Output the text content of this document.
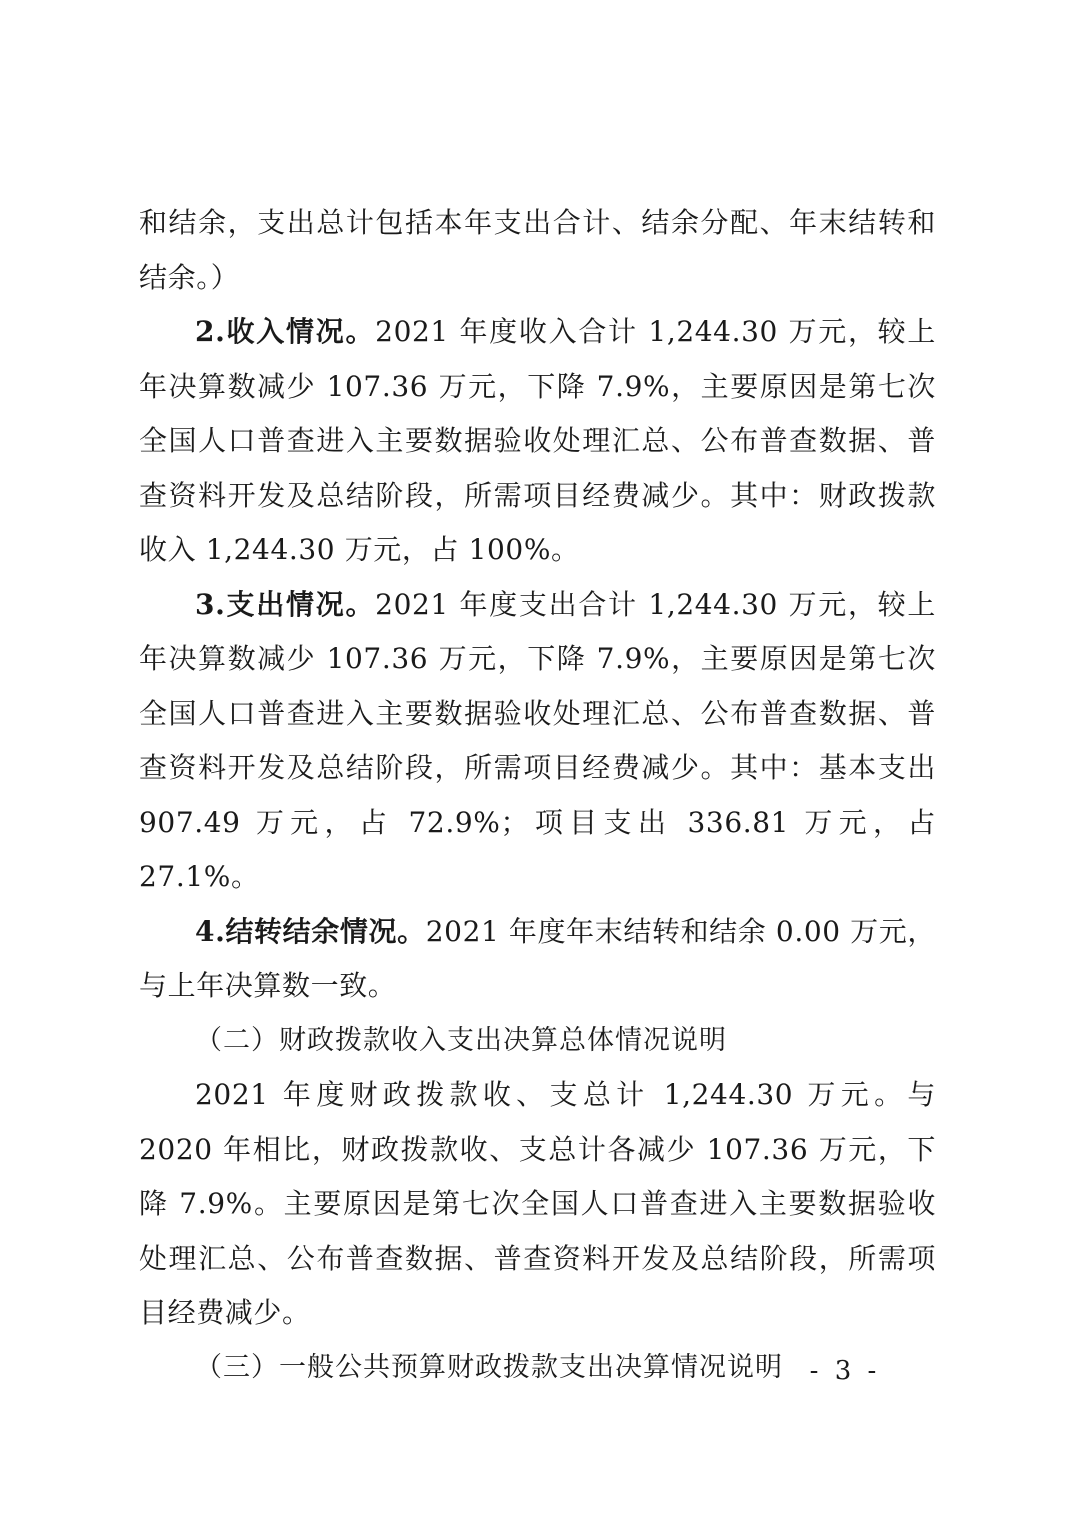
和结余，支出总计包括本年支出合计、结余分配、年末结转和结余。）

2.收入情况。2021 年度收入合计 1,244.30 万元，较上年决算数减少 107.36 万元，下降 7.9%，主要原因是第七次全国人口普查进入主要数据验收处理汇总、公布普查数据、普查资料开发及总结阶段，所需项目经费减少。其中：财政拨款收入 1,244.30 万元，占 100%。

3.支出情况。2021 年度支出合计 1,244.30 万元，较上年决算数减少 107.36 万元，下降 7.9%，主要原因是第七次全国人口普查进入主要数据验收处理汇总、公布普查数据、普查资料开发及总结阶段，所需项目经费减少。其中：基本支出 907.49 万元，占 72.9%；项目支出 336.81 万元，占 27.1%。

4.结转结余情况。2021 年度年末结转和结余 0.00 万元，与上年决算数一致。

（二）财政拨款收入支出决算总体情况说明

2021 年度财政拨款收、支总计 1,244.30 万元。与 2020 年相比，财政拨款收、支总计各减少 107.36 万元，下降 7.9%。主要原因是第七次全国人口普查进入主要数据验收处理汇总、公布普查数据、普查资料开发及总结阶段，所需项目经费减少。

（三）一般公共预算财政拨款支出决算情况说明	- 3 -
